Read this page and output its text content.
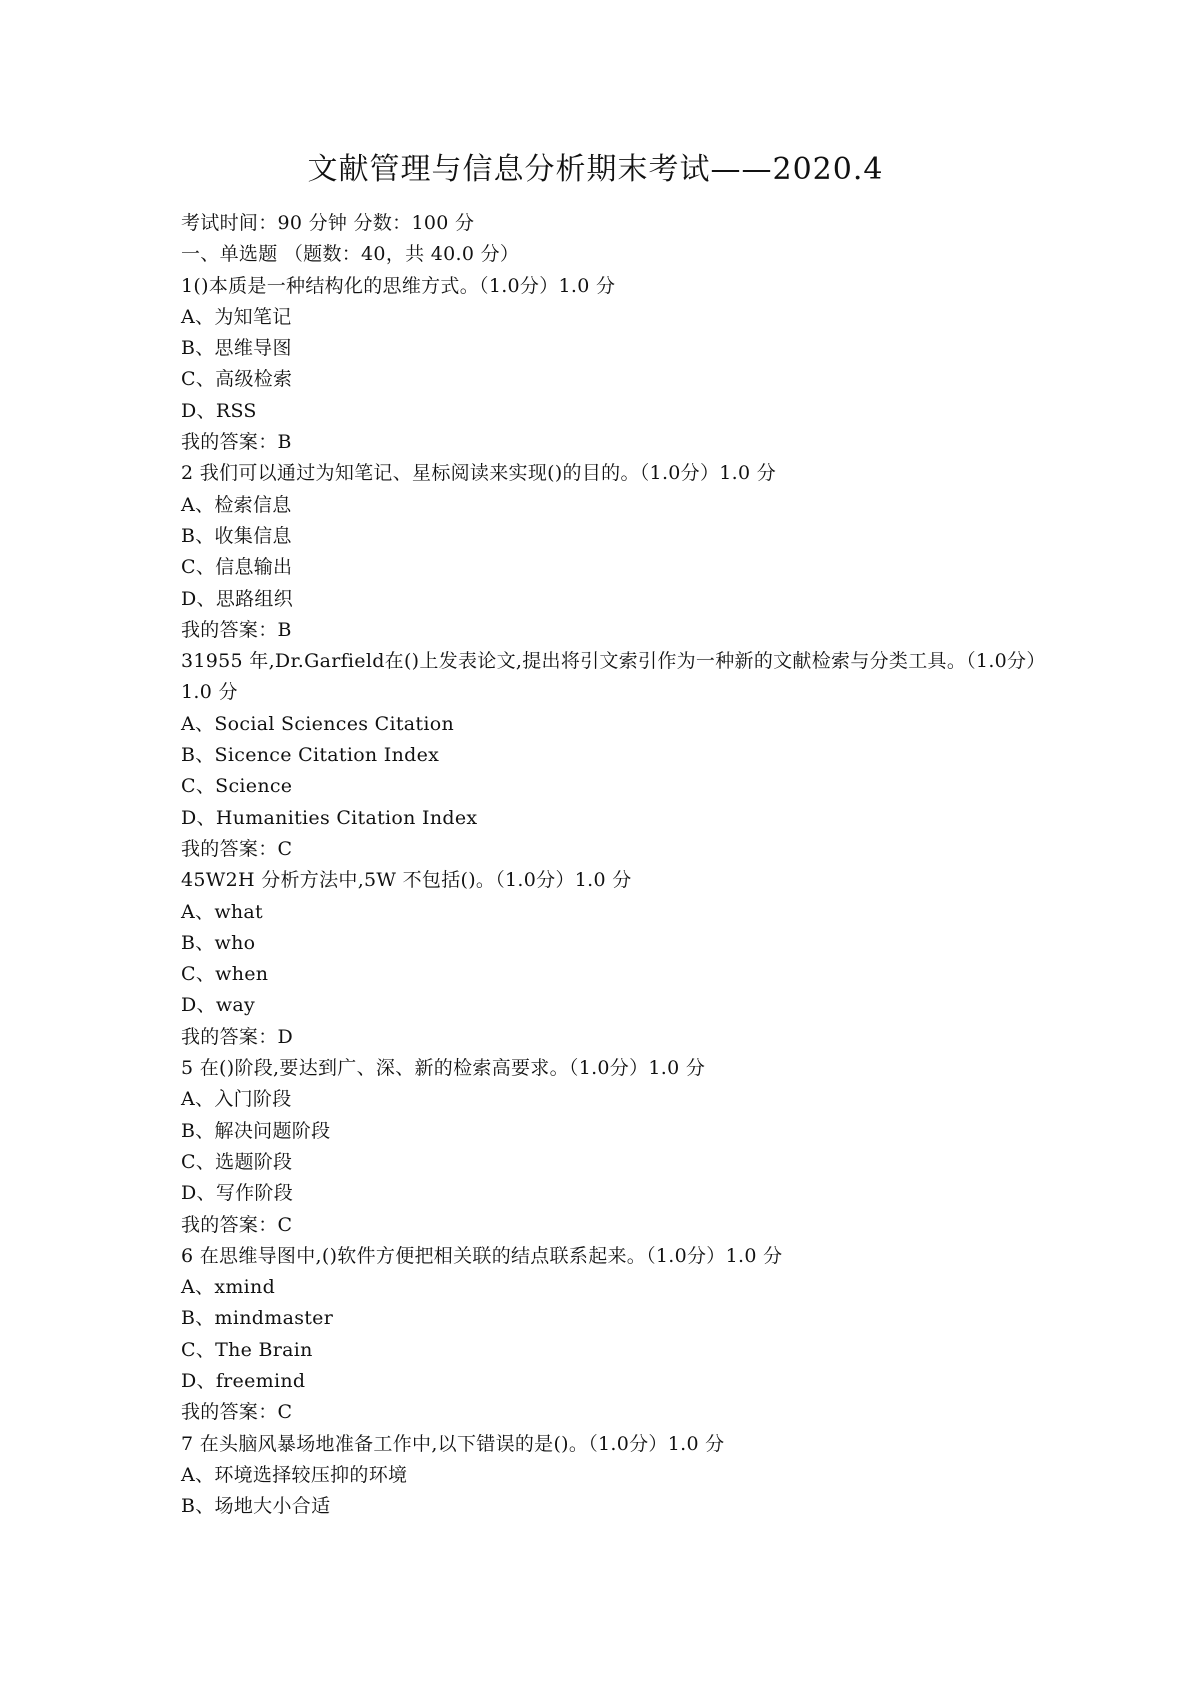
文献管理与信息分析期末考试——2020.4
考试时间：90 分钟 分数：100 分
一、单选题 （题数：40，共 40.0 分）
1()本质是一种结构化的思维方式。（1.0分）1.0 分
A、为知笔记
B、思维导图
C、高级检索
D、RSS
我的答案：B
2 我们可以通过为知笔记、星标阅读来实现()的目的。（1.0分）1.0 分
A、检索信息
B、收集信息
C、信息输出
D、思路组织
我的答案：B
31955 年,Dr.Garfield在()上发表论文,提出将引文索引作为一种新的文献检索与分类工具。（1.0分）1.0 分
A、Social Sciences Citation
B、Sicence Citation Index
C、Science
D、Humanities Citation Index
我的答案：C
45W2H 分析方法中,5W 不包括()。（1.0分）1.0 分
A、what
B、who
C、when
D、way
我的答案：D
5 在()阶段,要达到广、深、新的检索高要求。（1.0分）1.0 分
A、入门阶段
B、解决问题阶段
C、选题阶段
D、写作阶段
我的答案：C
6 在思维导图中,()软件方便把相关联的结点联系起来。（1.0分）1.0 分
A、xmind
B、mindmaster
C、The Brain
D、freemind
我的答案：C
7 在头脑风暴场地准备工作中,以下错误的是()。（1.0分）1.0 分
A、环境选择较压抑的环境
B、场地大小合适
